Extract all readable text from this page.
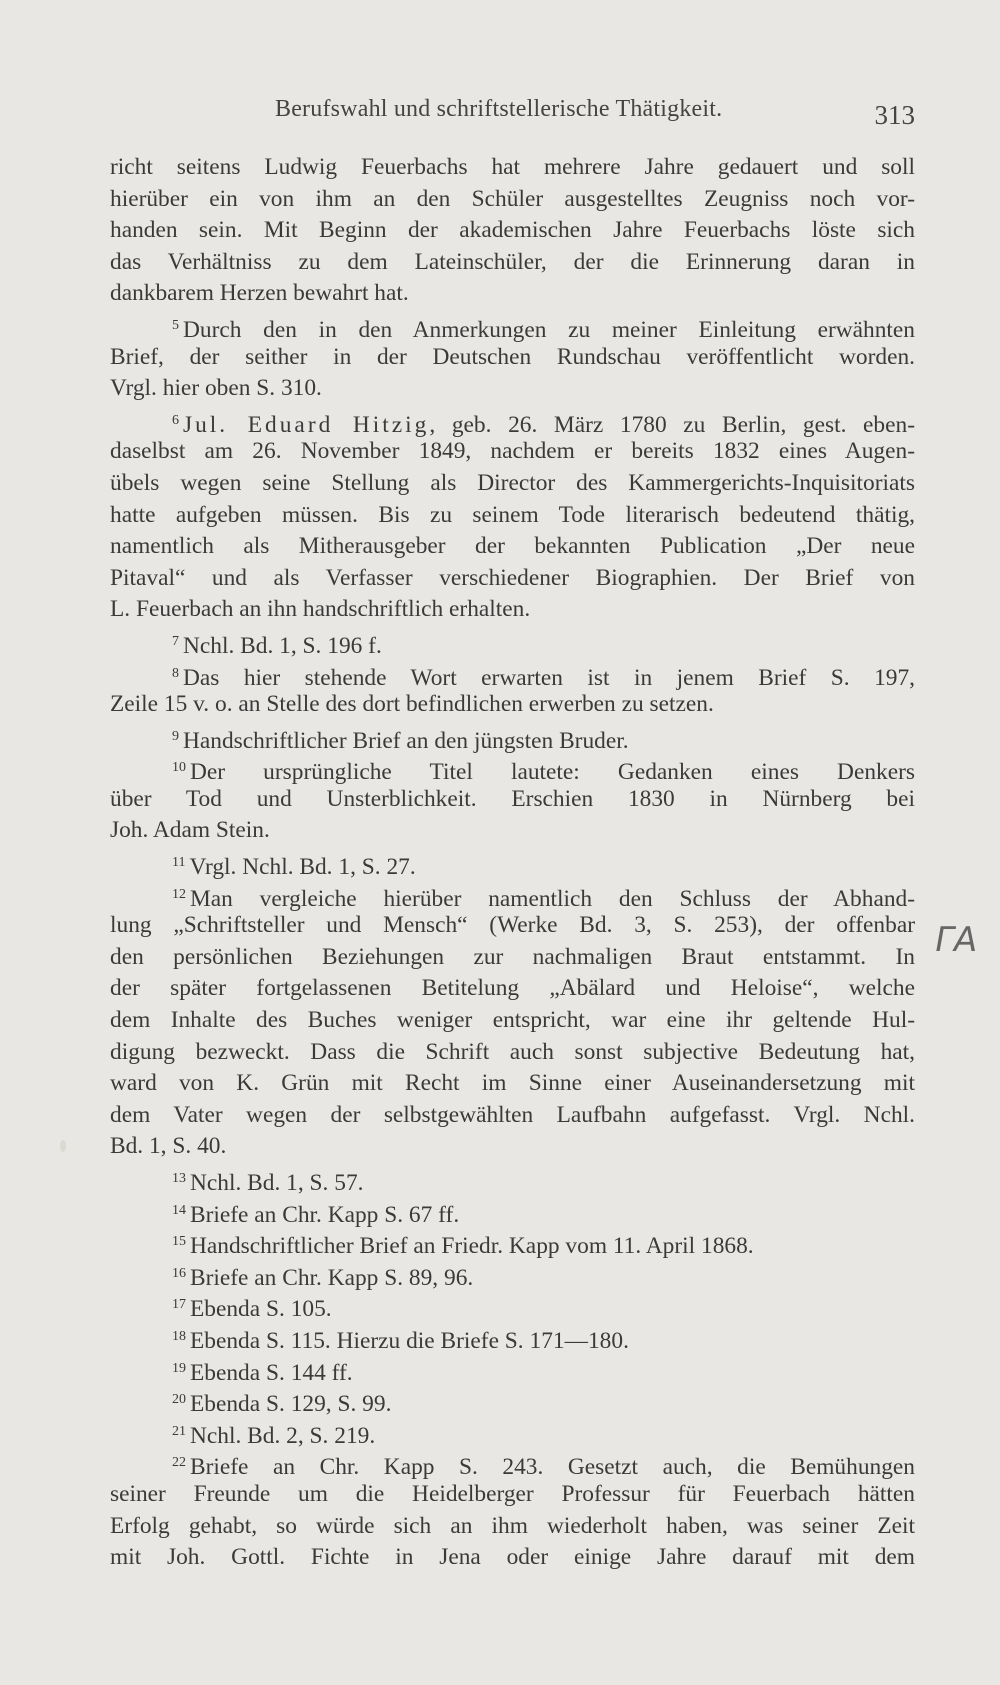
Berufswahl und schriftstellerische Thätigkeit.	313
richt seitens Ludwig Feuerbachs hat mehrere Jahre gedauert und soll
hierüber ein von ihm an den Schüler ausgestelltes Zeugniss noch vor-
handen sein. Mit Beginn der akademischen Jahre Feuerbachs löste sich
das Verhältniss zu dem Lateinschüler, der die Erinnerung daran in
dankbarem Herzen bewahrt hat.
$^5$ Durch den in den Anmerkungen zu meiner Einleitung erwähnten
Brief, der seither in der Deutschen Rundschau veröffentlicht worden.
Vrgl. hier oben S. 310.
$^6$ Jul. Eduard Hitzig, geb. 26. März 1780 zu Berlin, gest. eben-
daselbst am 26. November 1849, nachdem er bereits 1832 eines Augen-
übels wegen seine Stellung als Director des Kammergerichts-Inquisitoriats
hatte aufgeben müssen. Bis zu seinem Tode literarisch bedeutend thätig,
namentlich als Mitherausgeber der bekannten Publication „Der neue
Pitaval“ und als Verfasser verschiedener Biographien. Der Brief von
L. Feuerbach an ihn handschriftlich erhalten.
$^7$ Nchl. Bd. 1, S. 196 f.
$^8$ Das hier stehende Wort erwarten ist in jenem Brief S. 197,
Zeile 15 v. o. an Stelle des dort befindlichen erwerben zu setzen.
$^9$ Handschriftlicher Brief an den jüngsten Bruder.
$^{10}$ Der ursprüngliche Titel lautete: Gedanken eines Denkers
über Tod und Unsterblichkeit. Erschien 1830 in Nürnberg bei
Joh. Adam Stein.
$^{11}$ Vrgl. Nchl. Bd. 1, S. 27.
$^{12}$ Man vergleiche hierüber namentlich den Schluss der Abhand-
lung „Schriftsteller und Mensch“ (Werke Bd. 3, S. 253), der offenbar
den persönlichen Beziehungen zur nachmaligen Braut entstammt. In
der später fortgelassenen Betitelung „Abälard und Heloise“, welche
dem Inhalte des Buches weniger entspricht, war eine ihr geltende Hul-
digung bezweckt. Dass die Schrift auch sonst subjective Bedeutung hat,
ward von K. Grün mit Recht im Sinne einer Auseinandersetzung mit
dem Vater wegen der selbstgewählten Laufbahn aufgefasst. Vrgl. Nchl.
Bd. 1, S. 40.
$^{13}$ Nchl. Bd. 1, S. 57.
$^{14}$ Briefe an Chr. Kapp S. 67 ff.
$^{15}$ Handschriftlicher Brief an Friedr. Kapp vom 11. April 1868.
$^{16}$ Briefe an Chr. Kapp S. 89, 96.
$^{17}$ Ebenda S. 105.
$^{18}$ Ebenda S. 115. Hierzu die Briefe S. 171—180.
$^{19}$ Ebenda S. 144 ff.
$^{20}$ Ebenda S. 129, S. 99.
$^{21}$ Nchl. Bd. 2, S. 219.
$^{22}$ Briefe an Chr. Kapp S. 243. Gesetzt auch, die Bemühungen
seiner Freunde um die Heidelberger Professur für Feuerbach hätten
Erfolg gehabt, so würde sich an ihm wiederholt haben, was seiner Zeit
mit Joh. Gottl. Fichte in Jena oder einige Jahre darauf mit dem
ΓΑ
